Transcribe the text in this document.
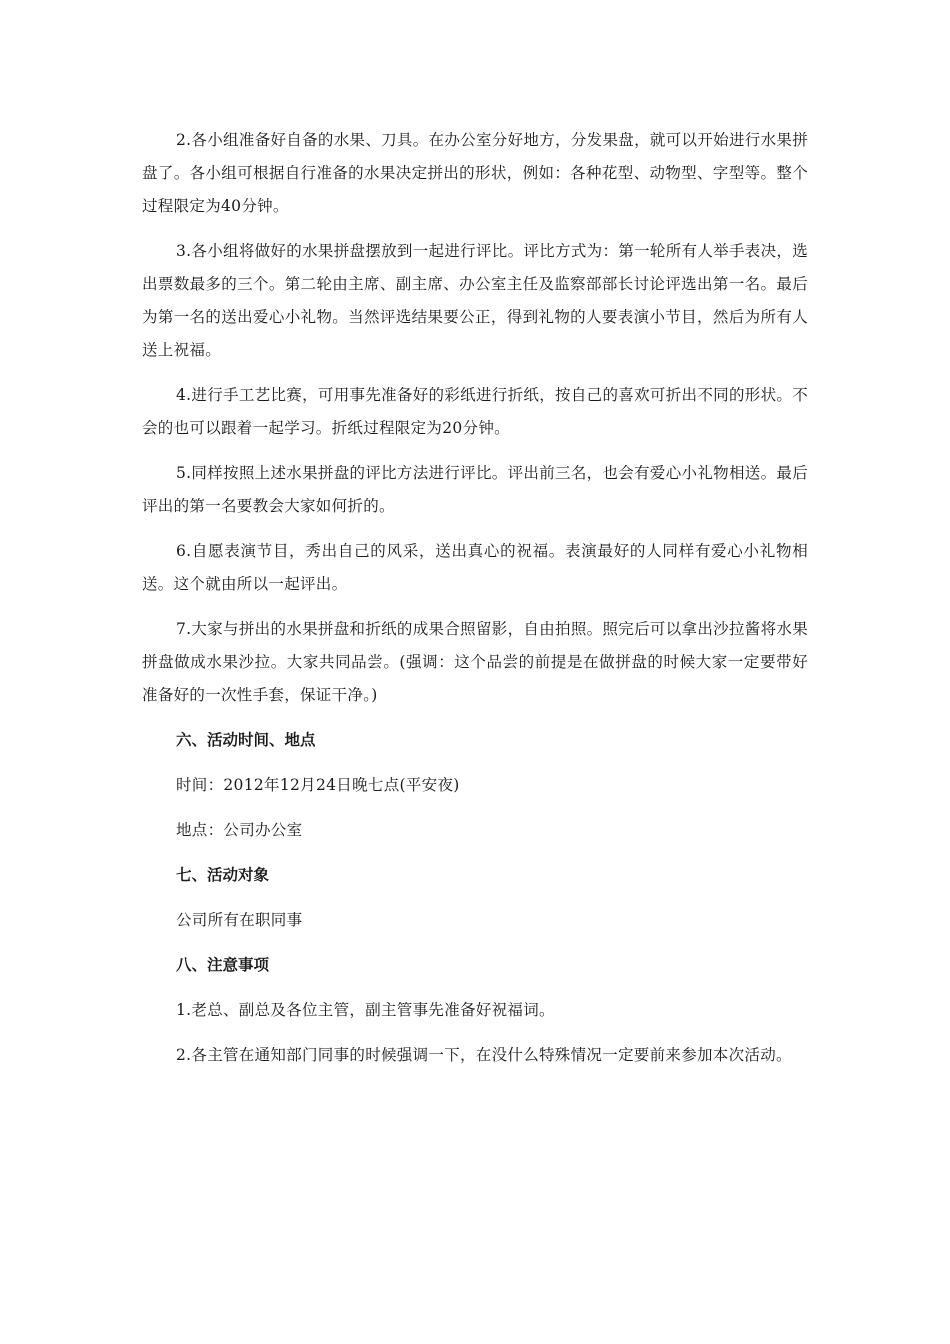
2.各小组准备好自备的水果、刀具。在办公室分好地方，分发果盘，就可以开始进行水果拼盘了。各小组可根据自行准备的水果决定拼出的形状，例如：各种花型、动物型、字型等。整个过程限定为40分钟。

3.各小组将做好的水果拼盘摆放到一起进行评比。评比方式为：第一轮所有人举手表决，选出票数最多的三个。第二轮由主席、副主席、办公室主任及监察部部长讨论评选出第一名。最后为第一名的送出爱心小礼物。当然评选结果要公正，得到礼物的人要表演小节目，然后为所有人送上祝福。

4.进行手工艺比赛，可用事先准备好的彩纸进行折纸，按自己的喜欢可折出不同的形状。不会的也可以跟着一起学习。折纸过程限定为20分钟。

5.同样按照上述水果拼盘的评比方法进行评比。评出前三名，也会有爱心小礼物相送。最后评出的第一名要教会大家如何折的。

6.自愿表演节目，秀出自己的风采，送出真心的祝福。表演最好的人同样有爱心小礼物相送。这个就由所以一起评出。

7.大家与拼出的水果拼盘和折纸的成果合照留影，自由拍照。照完后可以拿出沙拉酱将水果拼盘做成水果沙拉。大家共同品尝。(强调：这个品尝的前提是在做拼盘的时候大家一定要带好准备好的一次性手套，保证干净。)

六、活动时间、地点

时间：2012年12月24日晚七点(平安夜)

地点：公司办公室

七、活动对象

公司所有在职同事

八、注意事项

1.老总、副总及各位主管，副主管事先准备好祝福词。

2.各主管在通知部门同事的时候强调一下，在没什么特殊情况一定要前来参加本次活动。
